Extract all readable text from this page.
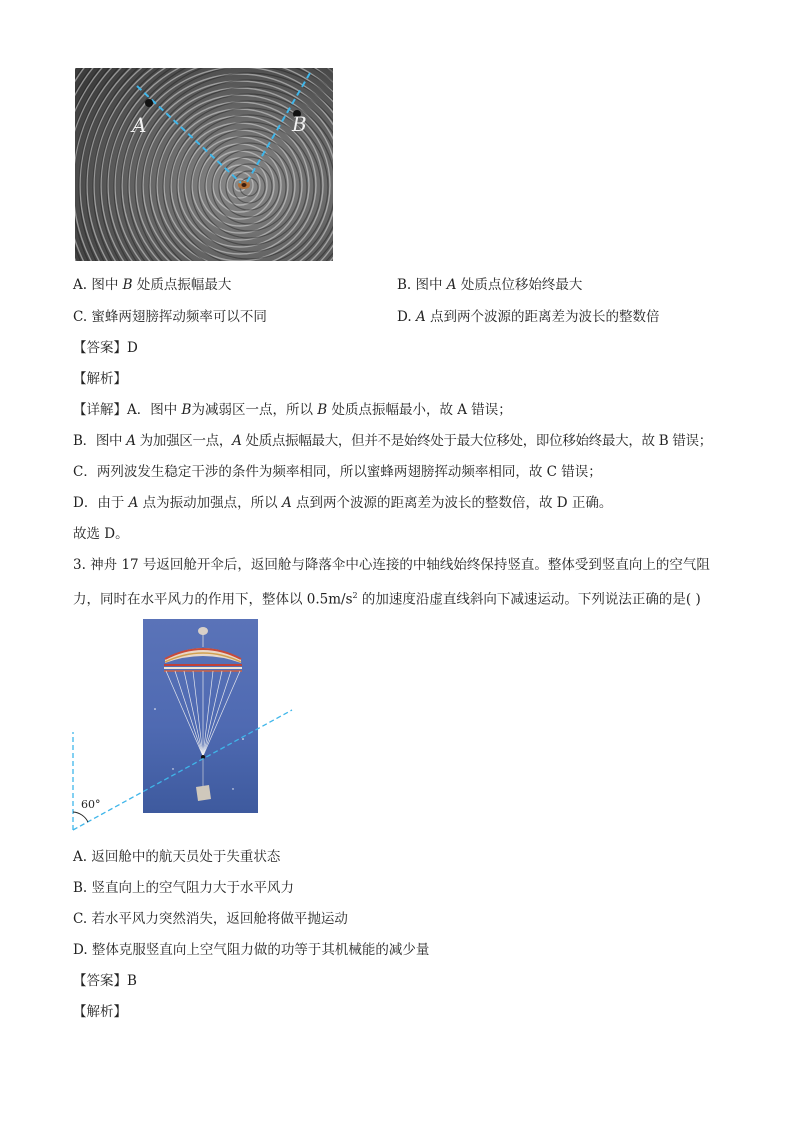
A	B
A. 图中 B 处质点振幅最大	B. 图中 A 处质点位移始终最大
C. 蜜蜂两翅膀挥动频率可以不同	D. A 点到两个波源的距离差为波长的整数倍
【答案】D
【解析】
【详解】A．图中 B为减弱区一点，所以 B 处质点振幅最小，故 A 错误；
B．图中 A 为加强区一点，A 处质点振幅最大，但并不是始终处于最大位移处，即位移始终最大，故 B 错误；
C．两列波发生稳定干涉的条件为频率相同，所以蜜蜂两翅膀挥动频率相同，故 C 错误；
D．由于 A 点为振动加强点，所以 A 点到两个波源的距离差为波长的整数倍，故 D 正确。
故选 D。
3. 神舟 17 号返回舱开伞后，返回舱与降落伞中心连接的中轴线始终保持竖直。整体受到竖直向上的空气阻
力，同时在水平风力的作用下，整体以 $0.5m/s^2$ 的加速度沿虚直线斜向下减速运动。下列说法正确的是( )
60°
A. 返回舱中的航天员处于失重状态
B. 竖直向上的空气阻力大于水平风力
C. 若水平风力突然消失，返回舱将做平抛运动
D. 整体克服竖直向上空气阻力做的功等于其机械能的减少量
【答案】B
【解析】
